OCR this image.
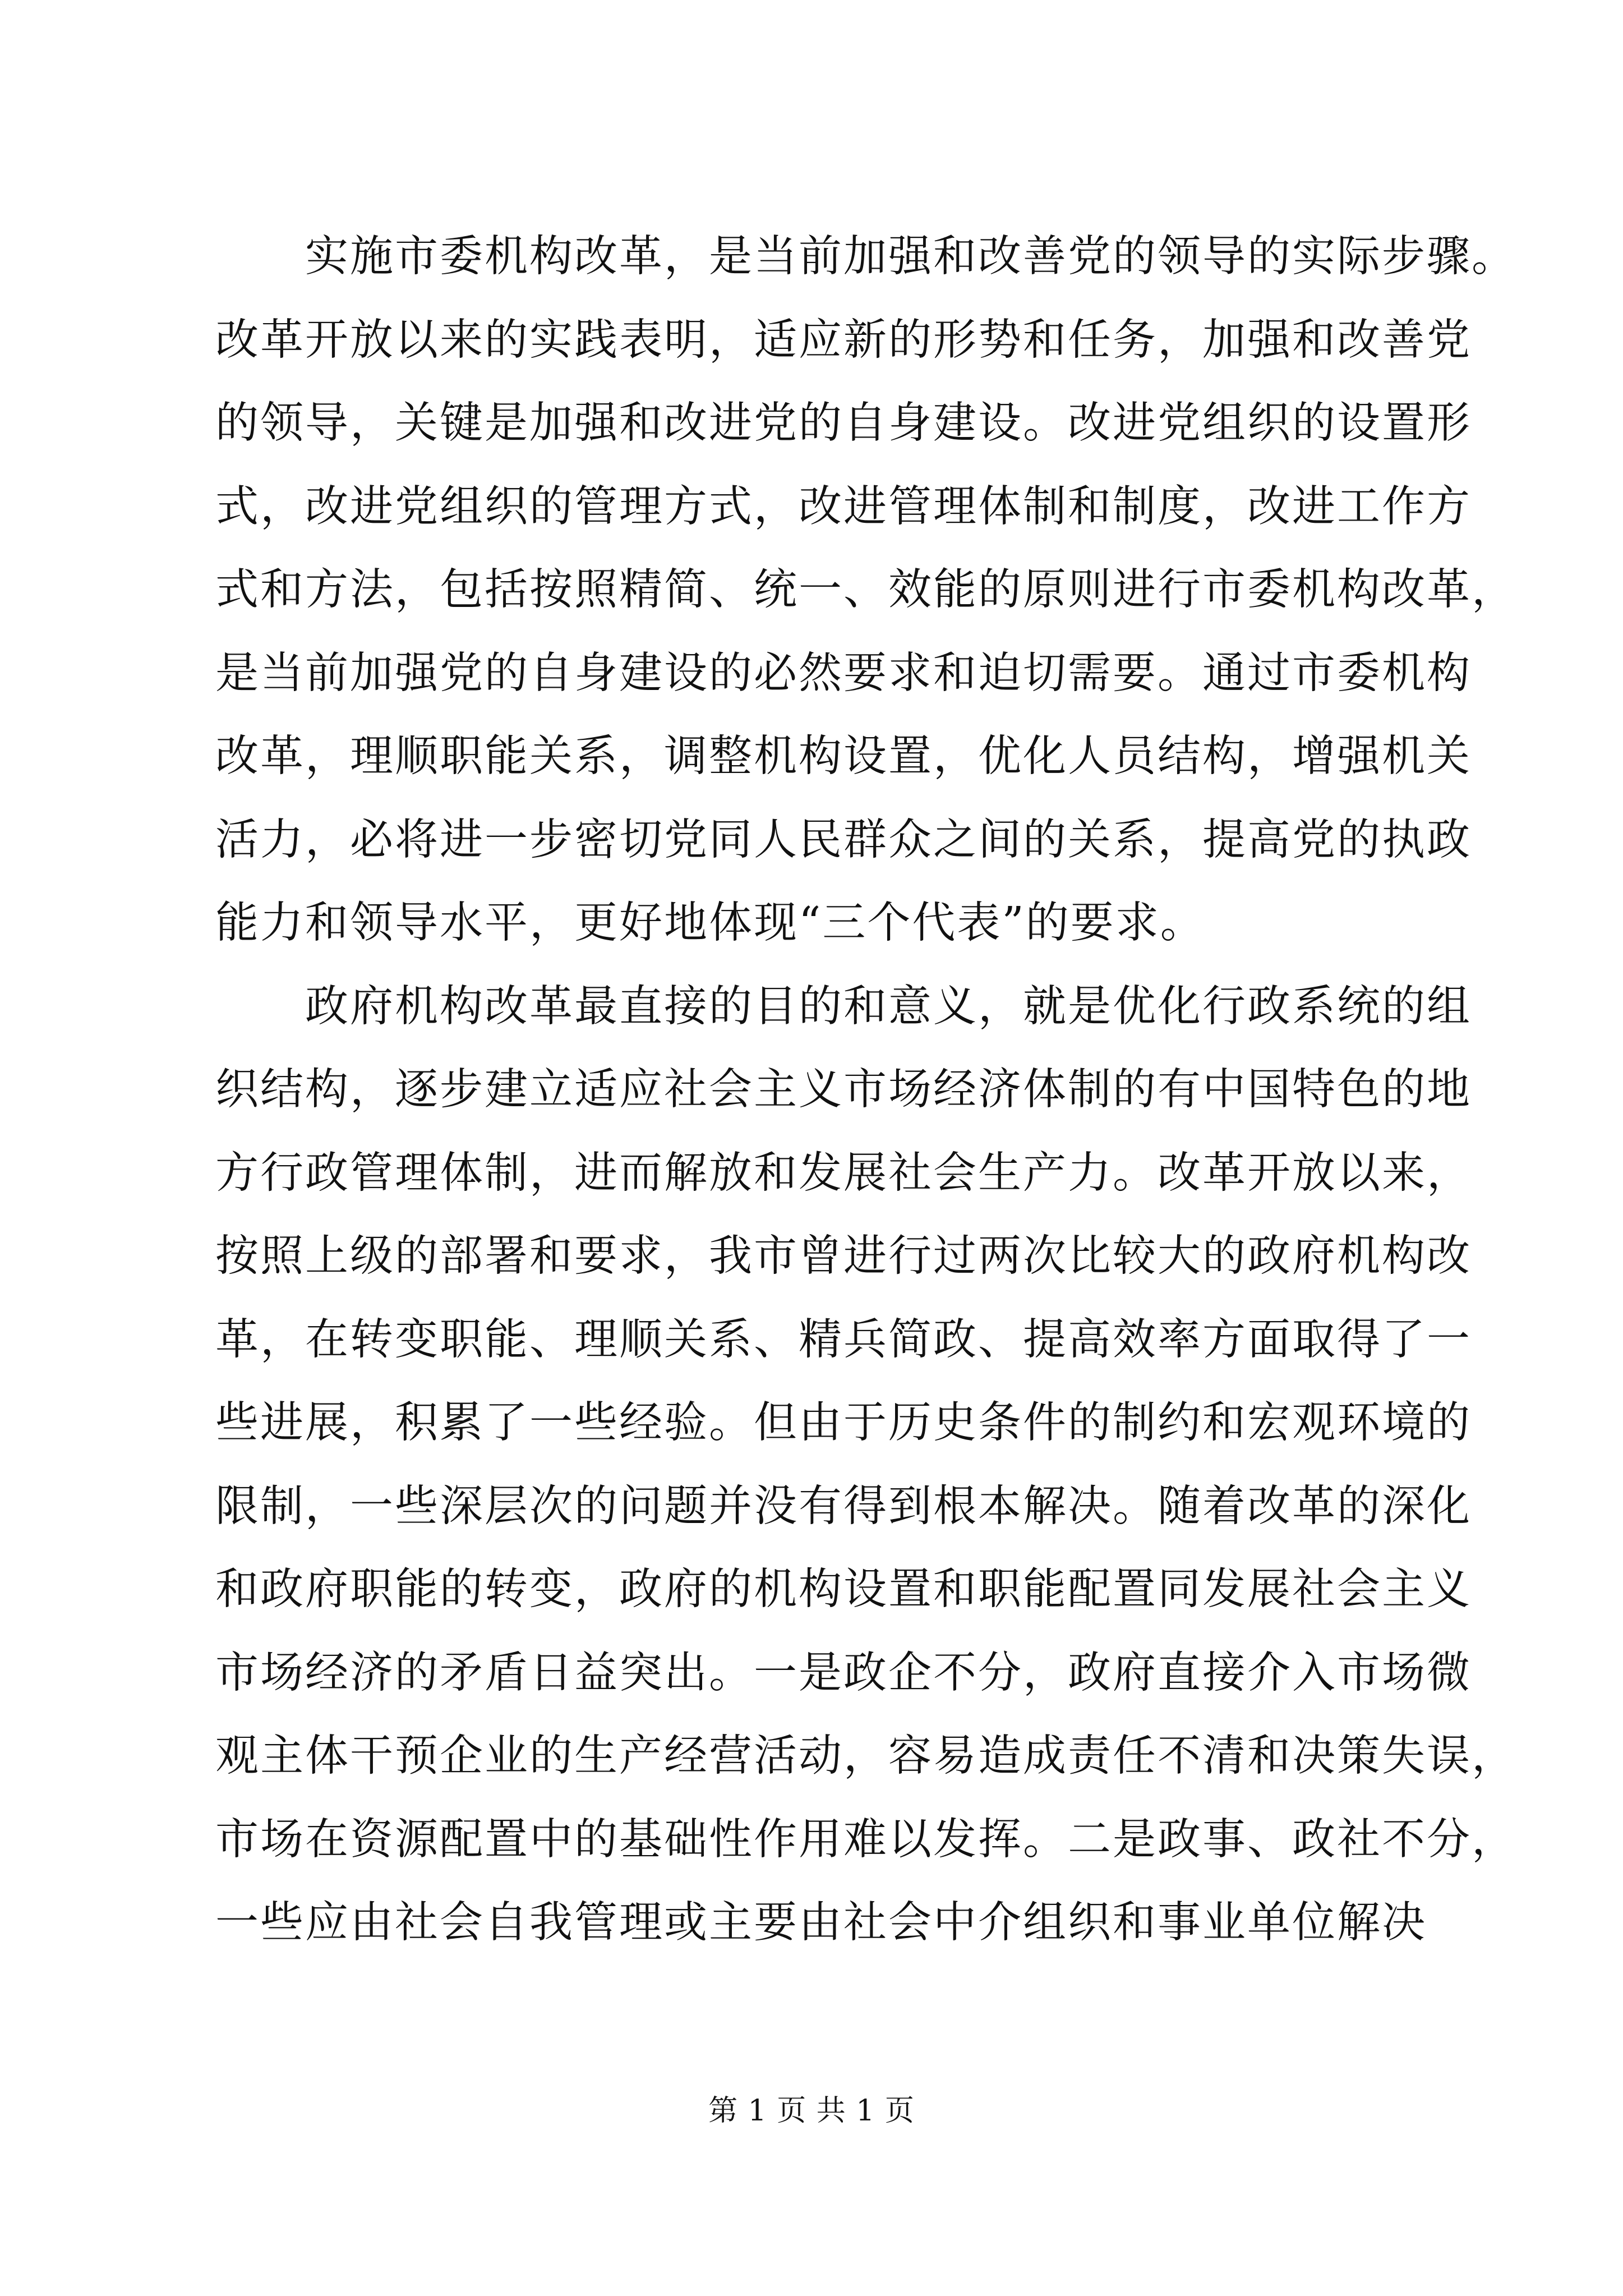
实施市委机构改革，是当前加强和改善党的领导的实际步骤。
改革开放以来的实践表明，适应新的形势和任务，加强和改善党
的领导，关键是加强和改进党的自身建设。改进党组织的设置形
式，改进党组织的管理方式，改进管理体制和制度，改进工作方
式和方法，包括按照精简、统一、效能的原则进行市委机构改革，
是当前加强党的自身建设的必然要求和迫切需要。通过市委机构
改革，理顺职能关系，调整机构设置，优化人员结构，增强机关
活力，必将进一步密切党同人民群众之间的关系，提高党的执政
能力和领导水平，更好地体现“三个代表”的要求。
政府机构改革最直接的目的和意义，就是优化行政系统的组
织结构，逐步建立适应社会主义市场经济体制的有中国特色的地
方行政管理体制，进而解放和发展社会生产力。改革开放以来，
按照上级的部署和要求，我市曾进行过两次比较大的政府机构改
革，在转变职能、理顺关系、精兵简政、提高效率方面取得了一
些进展，积累了一些经验。但由于历史条件的制约和宏观环境的
限制，一些深层次的问题并没有得到根本解决。随着改革的深化
和政府职能的转变，政府的机构设置和职能配置同发展社会主义
市场经济的矛盾日益突出。一是政企不分，政府直接介入市场微
观主体干预企业的生产经营活动，容易造成责任不清和决策失误，
市场在资源配置中的基础性作用难以发挥。二是政事、政社不分，
一些应由社会自我管理或主要由社会中介组织和事业单位解决
第 1 页 共 1 页
